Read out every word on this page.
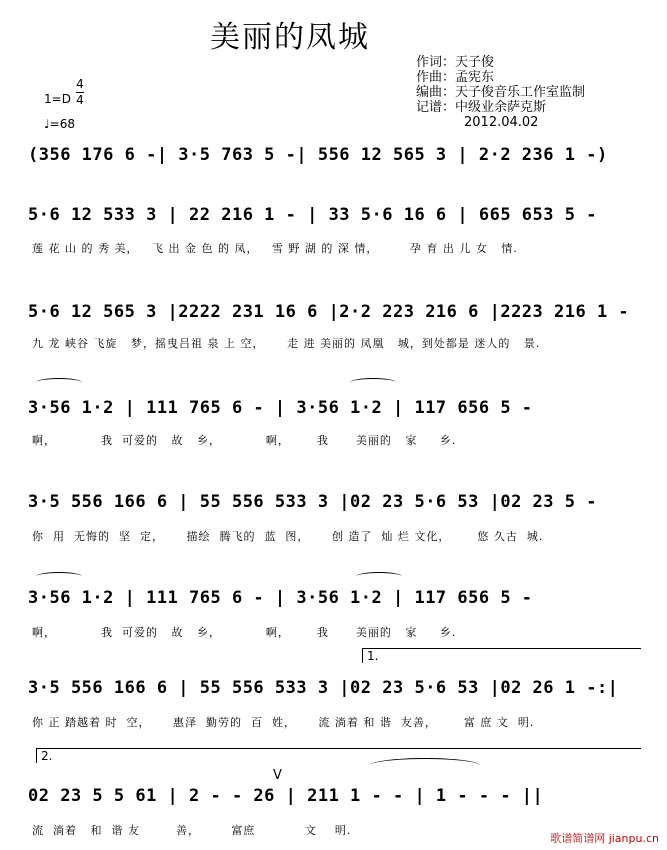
美丽的凤城
作词：天子俊
作曲：孟宪东
编曲：天子俊音乐工作室监制
记谱：中级业余萨克斯
2012.04.02
1=D
4
4
♩=68
(356 176 6 -| 3·5 763 5 -| 556 12 565 3 | 2·2 236 1 -)
5·6 12 533 3 | 22 216 1 - | 33 5·6 16 6 | 665 653 5 -
莲 花 山 的 秀 美，   飞 出 金 色 的 凤，   雪 野 湖 的 深 情，       孕 育 出 儿 女   情.
5·6 12 565 3 |2222 231 16 6 |2·2 223 216 6 |2223 216 1 -
九 龙 峡谷 飞旋   梦，摇曳吕祖 泉 上 空，     走 进 美丽的 凤凰   城，到处都是 迷人的   景.
3·56 1·2 | 111 765 6 - | 3·56 1·2 | 117 656 5 -
啊，          我  可爱的   故   乡，          啊，      我      美丽的   家     乡.
3·5 556 166 6 | 55 556 533 3 |02 23 5·6 53 |02 23 5 -
你  用  无悔的  坚  定，     描绘  腾飞的  蓝  图，     创 造了  灿 烂 文化，      悠 久古  城.
3·56 1·2 | 111 765 6 - | 3·56 1·2 | 117 656 5 -
啊，          我  可爱的   故   乡，          啊，      我      美丽的   家     乡.
1.
3·5 556 166 6 | 55 556 533 3 |02 23 5·6 53 |02 26 1 -:|
你 正 踏越着 时  空，     惠泽  勤劳的  百  姓，     流 淌着 和 谐  友善，      富 庶 文  明.
2.
V
02 23 5 5 61 | 2 - - 26 | 211 1 - - | 1 - - - ||
流  淌着   和  谐 友        善，       富庶           文    明.
歌谱简谱网 jianpu.cn
